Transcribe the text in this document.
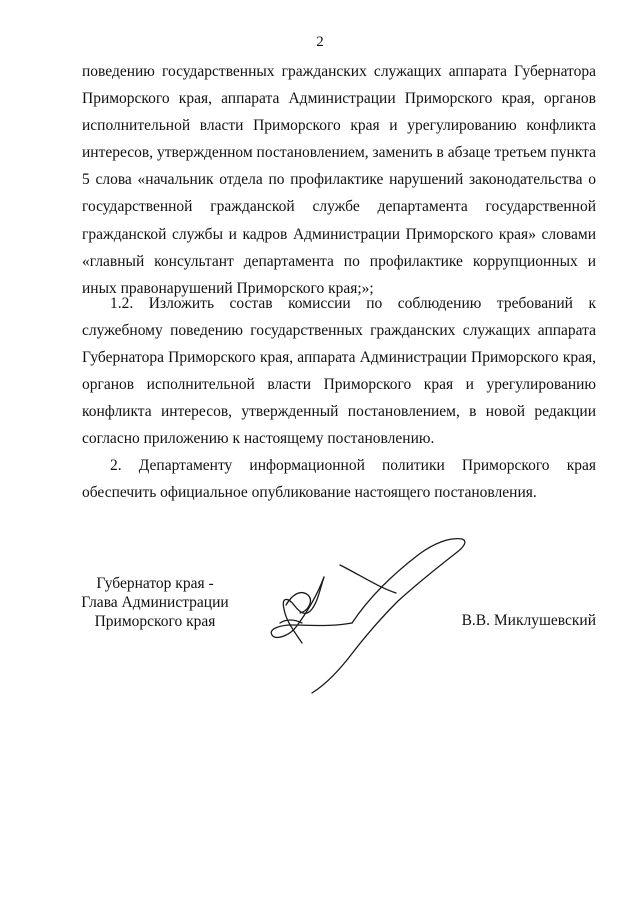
2
поведению государственных гражданских служащих аппарата Губернатора Приморского края, аппарата Администрации Приморского края, органов исполнительной власти Приморского края и урегулированию конфликта интересов, утвержденном постановлением, заменить в абзаце третьем пункта 5 слова «начальник отдела по профилактике нарушений законодательства о государственной гражданской службе департамента государственной гражданской службы и кадров Администрации Приморского края» словами «главный консультант департамента по профилактике коррупционных и иных правонарушений Приморского края;»;
1.2. Изложить состав комиссии по соблюдению требований к служебному поведению государственных гражданских служащих аппарата Губернатора Приморского края, аппарата Администрации Приморского края, органов исполнительной власти Приморского края и урегулированию конфликта интересов, утвержденный постановлением, в новой редакции согласно приложению к настоящему постановлению.
2. Департаменту информационной политики Приморского края обеспечить официальное опубликование настоящего постановления.
Губернатор края -
Глава Администрации
Приморского края	В.В. Миклушевский
